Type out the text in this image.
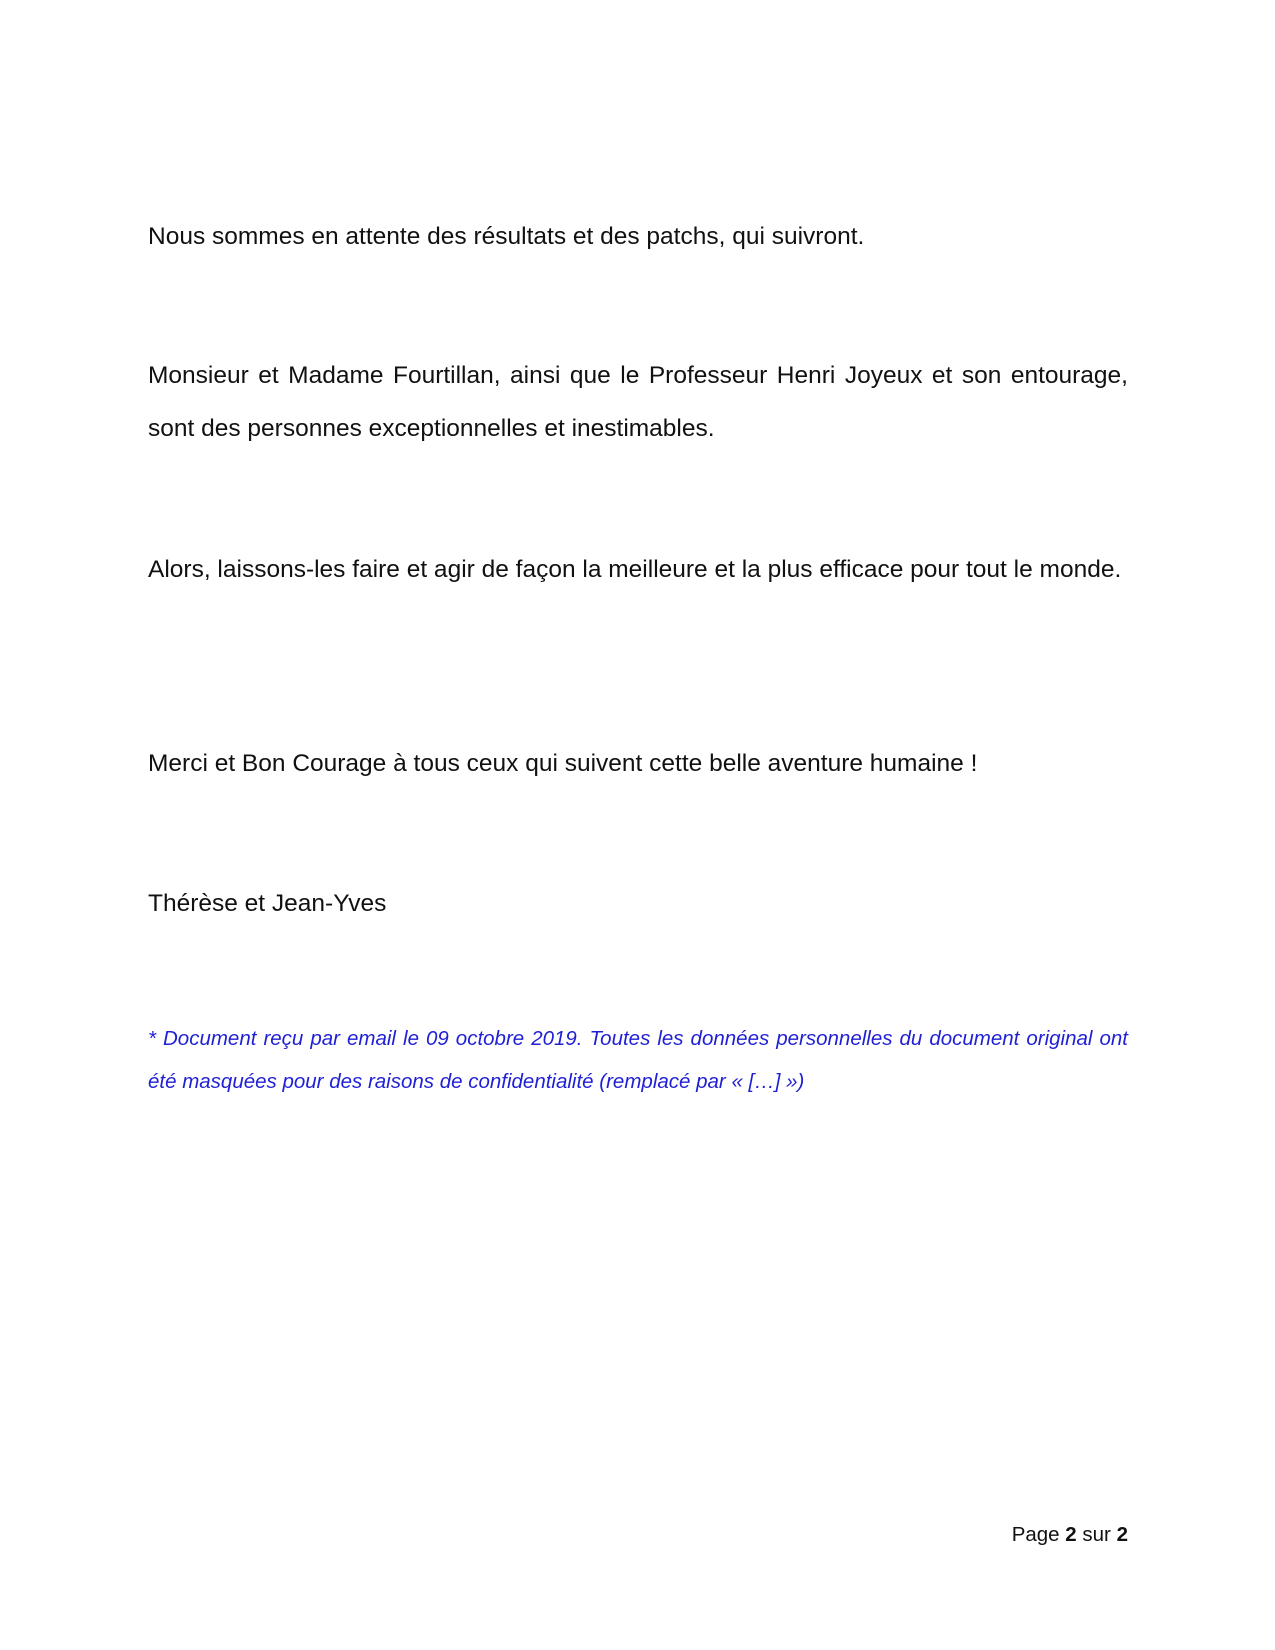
Nous sommes en attente des résultats et des patchs, qui suivront.

Monsieur et Madame Fourtillan, ainsi que le Professeur Henri Joyeux et son entourage, sont des personnes exceptionnelles et inestimables.

Alors, laissons-les faire et agir de façon la meilleure et la plus efficace pour tout le monde.

Merci et Bon Courage à tous ceux qui suivent cette belle aventure humaine !

Thérèse et Jean-Yves

* Document reçu par email le 09 octobre 2019. Toutes les données personnelles du document original ont été masquées pour des raisons de confidentialité (remplacé par « […] »)

Page 2 sur 2
